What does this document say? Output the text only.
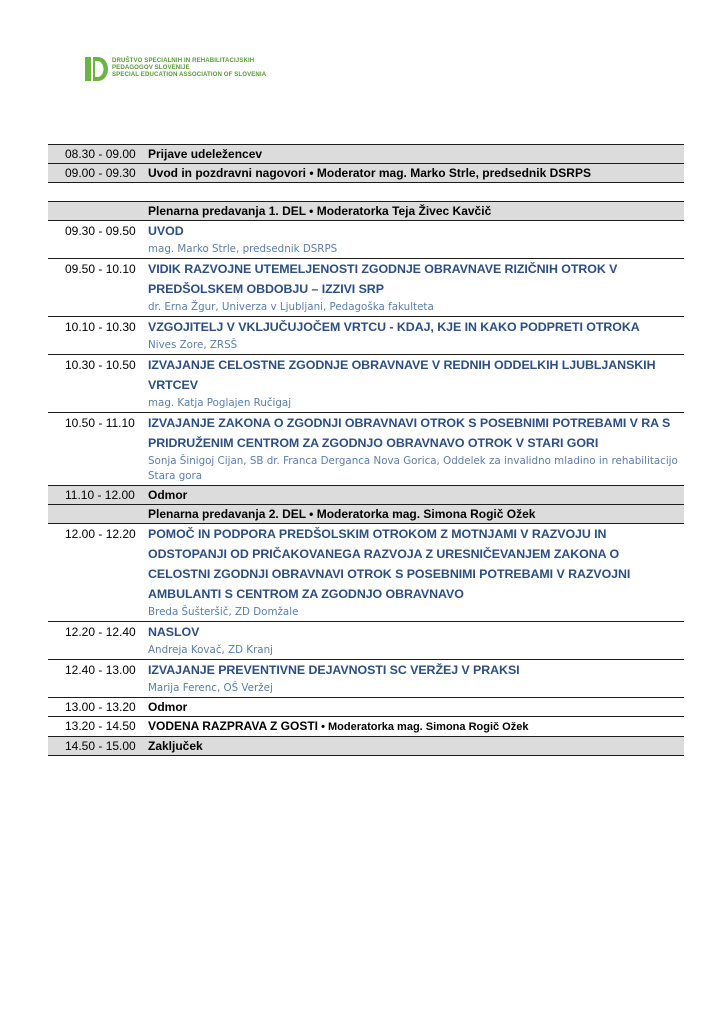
DRUŠTVO SPECIALNIH IN REHABILITACIJSKIH
PEDAGOGOV SLOVENIJE
SPECIAL EDUCATION ASSOCIATION OF SLOVENIA
08.30 - 09.00	Prijave udeležencev
09.00 - 09.30	Uvod in pozdravni nagovori • Moderator mag. Marko Strle, predsednik DSRPS
Plenarna predavanja 1. DEL • Moderatorka Teja Živec Kavčič
09.30 - 09.50 UVOD
mag. Marko Strle, predsednik DSRPS
09.50 - 10.10 VIDIK RAZVOJNE UTEMELJENOSTI ZGODNJE OBRAVNAVE RIZIČNIH OTROK V PREDŠOLSKEM OBDOBJU – IZZIVI SRP
dr. Erna Žgur, Univerza v Ljubljani, Pedagoška fakulteta
10.10 - 10.30 VZGOJITELJ V VKLJUČUJOČEM VRTCU - KDAJ, KJE IN KAKO PODPRETI OTROKA
Nives Zore, ZRSŠ
10.30 - 10.50 IZVAJANJE CELOSTNE ZGODNJE OBRAVNAVE V REDNIH ODDELKIH LJUBLJANSKIH VRTCEV
mag. Katja Poglajen Ručigaj
10.50 - 11.10	IZVAJANJE ZAKONA O ZGODNJI OBRAVNAVI OTROK S POSEBNIMI POTREBAMI V RA S PRIDRUŽENIM CENTROM ZA ZGODNJO OBRAVNAVO OTROK V STARI GORI
Sonja Šinigoj Cijan, SB dr. Franca Derganca Nova Gorica, Oddelek za invalidno mladino in rehabilitacijo Stara gora
11.10 - 12.00	Odmor
Plenarna predavanja 2. DEL • Moderatorka mag. Simona Rogič Ožek
12.00 - 12.20 POMOČ IN PODPORA PREDŠOLSKIM OTROKOM Z MOTNJAMI V RAZVOJU IN ODSTOPANJI OD PRIČAKOVANEGA RAZVOJA Z URESNIČEVANJEM ZAKONA O CELOSTNI ZGODNJI OBRAVNAVI OTROK S POSEBNIMI POTREBAMI V RAZVOJNI AMBULANTI S CENTROM ZA ZGODNJO OBRAVNAVO
Breda Šušteršič, ZD Domžale
12.20 - 12.40 NASLOV
Andreja Kovač, ZD Kranj
12.40 - 13.00 IZVAJANJE PREVENTIVNE DEJAVNOSTI SC VERŽEJ V PRAKSI
Marija Ferenc, OŠ Veržej
13.00 - 13.20	Odmor
13.20 - 14.50	VODENA RAZPRAVA Z GOSTI • Moderatorka mag. Simona Rogič Ožek
14.50 - 15.00	Zaključek
